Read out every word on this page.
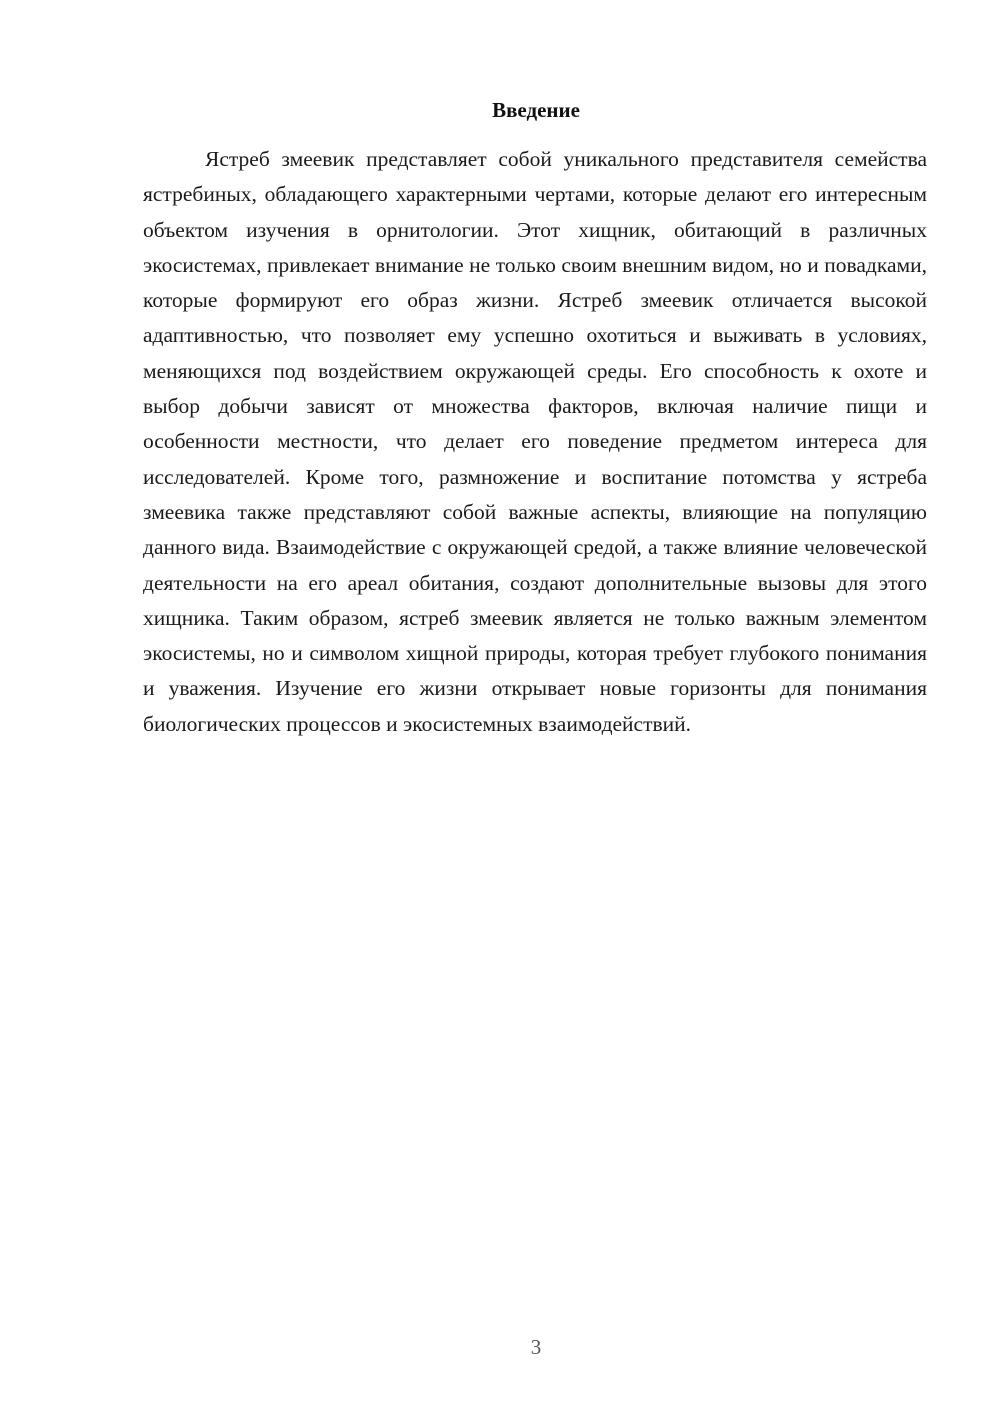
Введение

Ястреб змеевик представляет собой уникального представителя семейства ястребиных, обладающего характерными чертами, которые делают его интересным объектом изучения в орнитологии. Этот хищник, обитающий в различных экосистемах, привлекает внимание не только своим внешним видом, но и повадками, которые формируют его образ жизни. Ястреб змеевик отличается высокой адаптивностью, что позволяет ему успешно охотиться и выживать в условиях, меняющихся под воздействием окружающей среды. Его способность к охоте и выбор добычи зависят от множества факторов, включая наличие пищи и особенности местности, что делает его поведение предметом интереса для исследователей. Кроме того, размножение и воспитание потомства у ястреба змеевика также представляют собой важные аспекты, влияющие на популяцию данного вида. Взаимодействие с окружающей средой, а также влияние человеческой деятельности на его ареал обитания, создают дополнительные вызовы для этого хищника. Таким образом, ястреб змеевик является не только важным элементом экосистемы, но и символом хищной природы, которая требует глубокого понимания и уважения. Изучение его жизни открывает новые горизонты для понимания биологических процессов и экосистемных взаимодействий.

3
